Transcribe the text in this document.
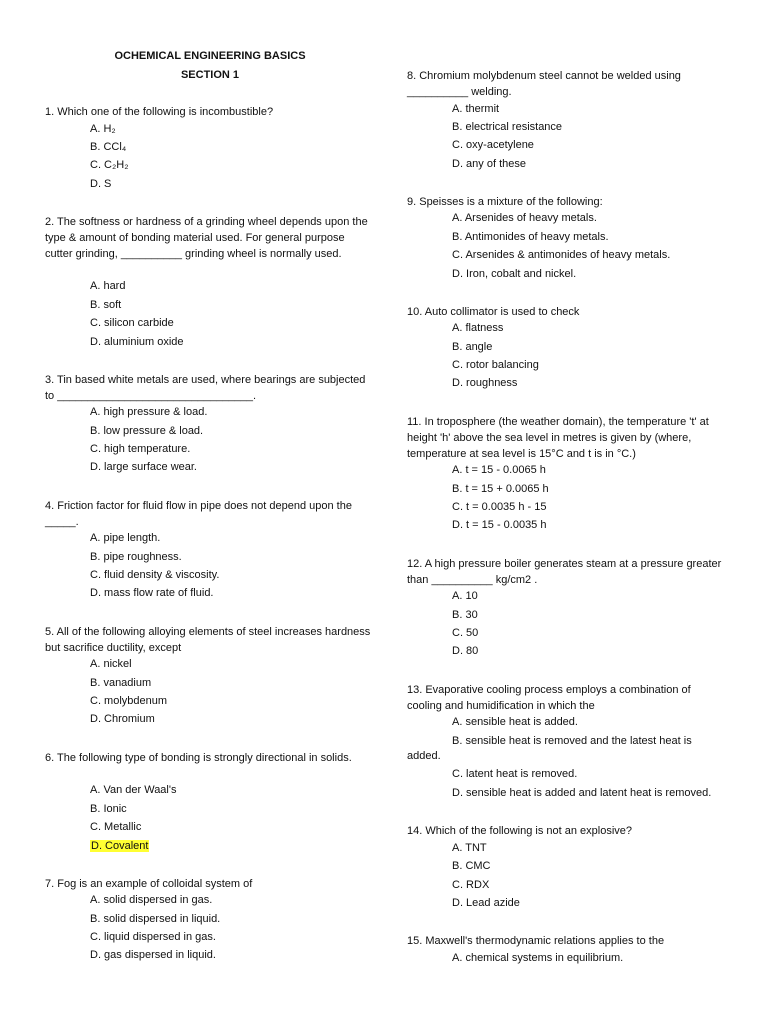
OCHEMICAL ENGINEERING BASICS
SECTION 1
1. Which one of the following is incombustible?
A. H₂
B. CCl₄
C. C₂H₂
D. S
2. The softness or hardness of a grinding wheel depends upon the type & amount of bonding material used. For general purpose cutter grinding, __________ grinding wheel is normally used.
A. hard
B. soft
C. silicon carbide
D. aluminium oxide
3. Tin based white metals are used, where bearings are subjected to ________________________________.
A. high pressure & load.
B. low pressure & load.
C. high temperature.
D. large surface wear.
4. Friction factor for fluid flow in pipe does not depend upon the _____.
A. pipe length.
B. pipe roughness.
C. fluid density & viscosity.
D. mass flow rate of fluid.
5. All of the following alloying elements of steel increases hardness but sacrifice ductility, except
A. nickel
B. vanadium
C. molybdenum
D. Chromium
6. The following type of bonding is strongly directional in solids.
A. Van der Waal's
B. Ionic
C. Metallic
D. Covalent
7. Fog is an example of colloidal system of
A. solid dispersed in gas.
B. solid dispersed in liquid.
C. liquid dispersed in gas.
D. gas dispersed in liquid.
8. Chromium molybdenum steel cannot be welded using __________ welding.
A. thermit
B. electrical resistance
C. oxy-acetylene
D. any of these
9. Speisses is a mixture of the following:
A. Arsenides of heavy metals.
B. Antimonides of heavy metals.
C. Arsenides & antimonides of heavy metals.
D. Iron, cobalt and nickel.
10. Auto collimator is used to check
A. flatness
B. angle
C. rotor balancing
D. roughness
11. In troposphere (the weather domain), the temperature 't' at height 'h' above the sea level in metres is given by (where, temperature at sea level is 15°C and t is in °C.)
A. t = 15 - 0.0065 h
B. t = 15 + 0.0065 h
C. t = 0.0035 h - 15
D. t = 15 - 0.0035 h
12. A high pressure boiler generates steam at a pressure greater than __________ kg/cm2 .
A. 10
B. 30
C. 50
D. 80
13. Evaporative cooling process employs a combination of cooling and humidification in which the
A. sensible heat is added.
B. sensible heat is removed and the latest heat is
added.
C. latent heat is removed.
D. sensible heat is added and latent heat is removed.
14. Which of the following is not an explosive?
A. TNT
B. CMC
C. RDX
D. Lead azide
15. Maxwell's thermodynamic relations applies to the
A. chemical systems in equilibrium.
